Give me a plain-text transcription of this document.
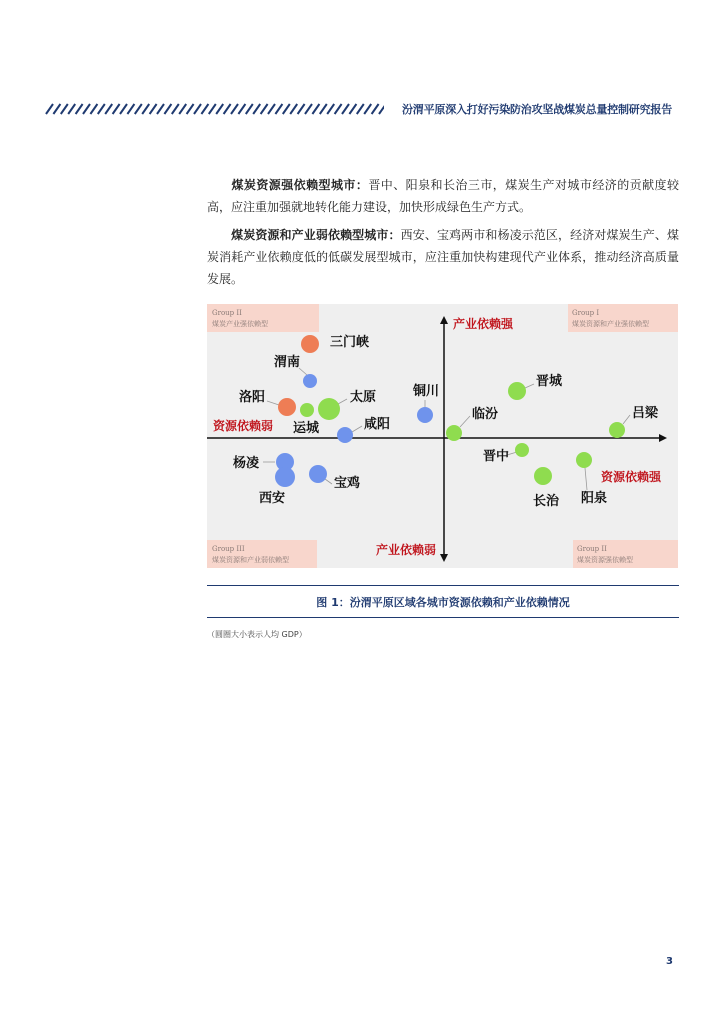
汾渭平原深入打好污染防治攻坚战煤炭总量控制研究报告
煤炭资源强依赖型城市：晋中、阳泉和长治三市，煤炭生产对城市经济的贡献度较高，应注重加强就地转化能力建设，加快形成绿色生产方式。
煤炭资源和产业弱依赖型城市：西安、宝鸡两市和杨凌示范区，经济对煤炭生产、煤炭消耗产业依赖度低的低碳发展型城市，应注重加快构建现代产业体系，推动经济高质量发展。
Group II
煤炭产业强依赖型
Group I
煤炭资源和产业强依赖型
Group III
煤炭资源和产业弱依赖型
Group II
煤炭资源强依赖型
产业依赖强
产业依赖弱
资源依赖弱
资源依赖强
三门峡
渭南
洛阳
运城
太原
咸阳
铜川
临汾
晋城
吕梁
晋中
阳泉
长治
杨凌
西安
宝鸡
图 1：汾渭平原区域各城市资源依赖和产业依赖情况
（圆圈大小表示人均 GDP）
3
